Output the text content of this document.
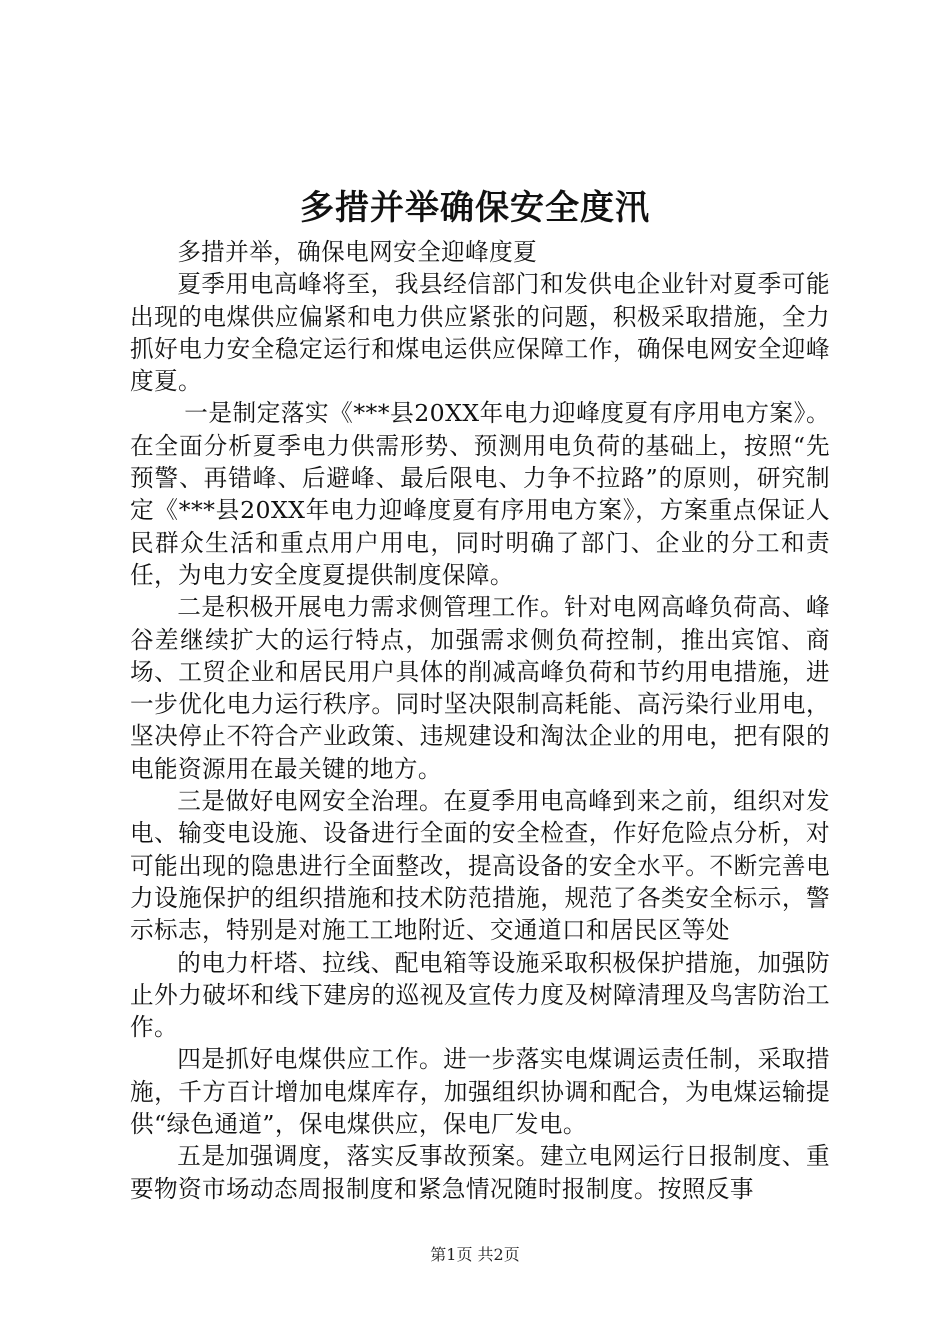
多措并举确保安全度汛

多措并举，确保电网安全迎峰度夏

夏季用电高峰将至，我县经信部门和发供电企业针对夏季可能出现的电煤供应偏紧和电力供应紧张的问题，积极采取措施，全力抓好电力安全稳定运行和煤电运供应保障工作，确保电网安全迎峰度夏。

一是制定落实《***县20XX年电力迎峰度夏有序用电方案》。在全面分析夏季电力供需形势、预测用电负荷的基础上，按照“先预警、再错峰、后避峰、最后限电、力争不拉路”的原则，研究制定《***县20XX年电力迎峰度夏有序用电方案》，方案重点保证人民群众生活和重点用户用电，同时明确了部门、企业的分工和责任，为电力安全度夏提供制度保障。

二是积极开展电力需求侧管理工作。针对电网高峰负荷高、峰谷差继续扩大的运行特点，加强需求侧负荷控制，推出宾馆、商场、工贸企业和居民用户具体的削减高峰负荷和节约用电措施，进一步优化电力运行秩序。同时坚决限制高耗能、高污染行业用电，坚决停止不符合产业政策、违规建设和淘汰企业的用电，把有限的电能资源用在最关键的地方。

三是做好电网安全治理。在夏季用电高峰到来之前，组织对发电、输变电设施、设备进行全面的安全检查，作好危险点分析，对可能出现的隐患进行全面整改，提高设备的安全水平。不断完善电力设施保护的组织措施和技术防范措施，规范了各类安全标示，警示标志，特别是对施工工地附近、交通道口和居民区等处

的电力杆塔、拉线、配电箱等设施采取积极保护措施，加强防止外力破坏和线下建房的巡视及宣传力度及树障清理及鸟害防治工作。

四是抓好电煤供应工作。进一步落实电煤调运责任制，采取措施，千方百计增加电煤库存，加强组织协调和配合，为电煤运输提供“绿色通道”，保电煤供应，保电厂发电。

五是加强调度，落实反事故预案。建立电网运行日报制度、重要物资市场动态周报制度和紧急情况随时报制度。按照反事

第1页 共2页
